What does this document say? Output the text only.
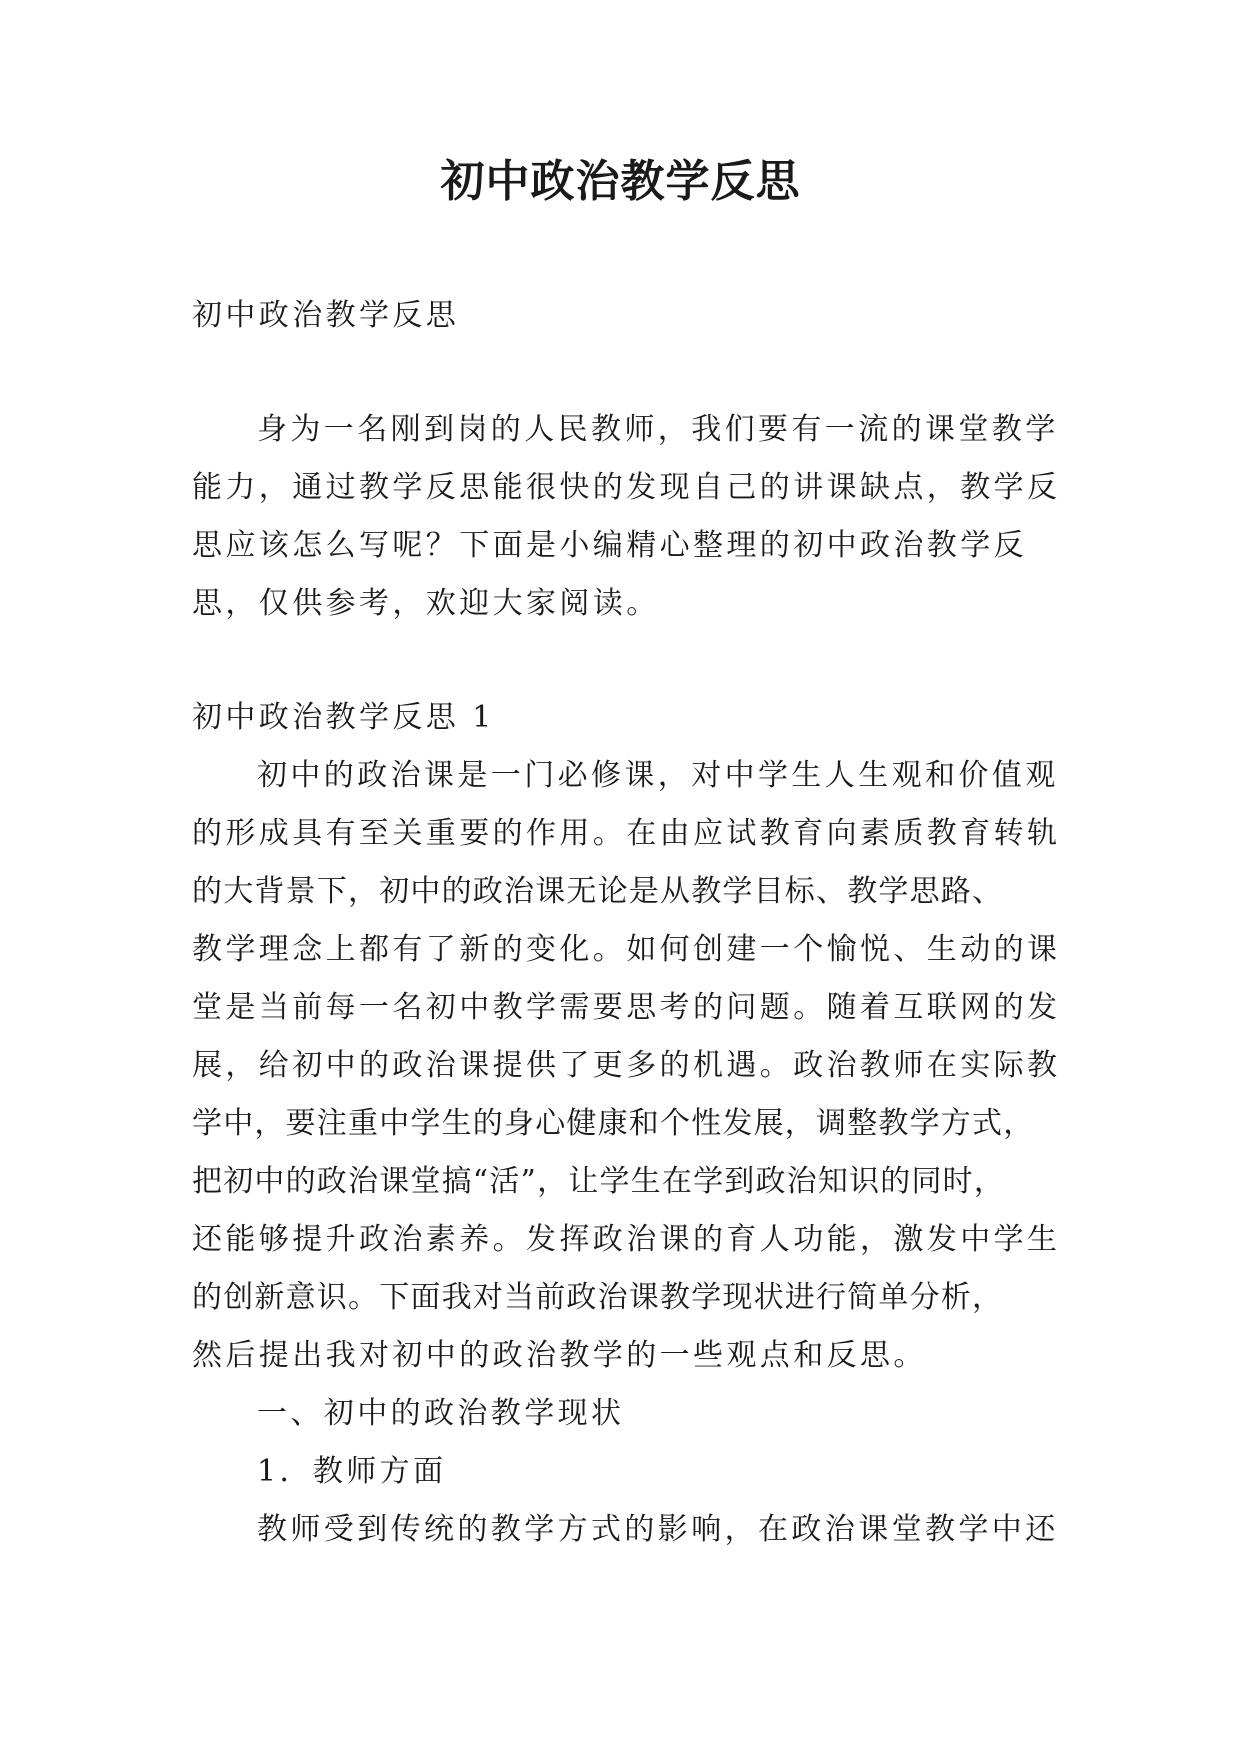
初中政治教学反思
初中政治教学反思
身为一名刚到岗的人民教师，我们要有一流的课堂教学
能力，通过教学反思能很快的发现自己的讲课缺点，教学反
思应该怎么写呢？下面是小编精心整理的初中政治教学反
思，仅供参考，欢迎大家阅读。
初中政治教学反思 1
初中的政治课是一门必修课，对中学生人生观和价值观
的形成具有至关重要的作用。在由应试教育向素质教育转轨
的大背景下，初中的政治课无论是从教学目标、教学思路、
教学理念上都有了新的变化。如何创建一个愉悦、生动的课
堂是当前每一名初中教学需要思考的问题。随着互联网的发
展，给初中的政治课提供了更多的机遇。政治教师在实际教
学中，要注重中学生的身心健康和个性发展，调整教学方式，
把初中的政治课堂搞“活”，让学生在学到政治知识的同时，
还能够提升政治素养。发挥政治课的育人功能，激发中学生
的创新意识。下面我对当前政治课教学现状进行简单分析，
然后提出我对初中的政治教学的一些观点和反思。
一、初中的政治教学现状
1．教师方面
教师受到传统的教学方式的影响，在政治课堂教学中还
